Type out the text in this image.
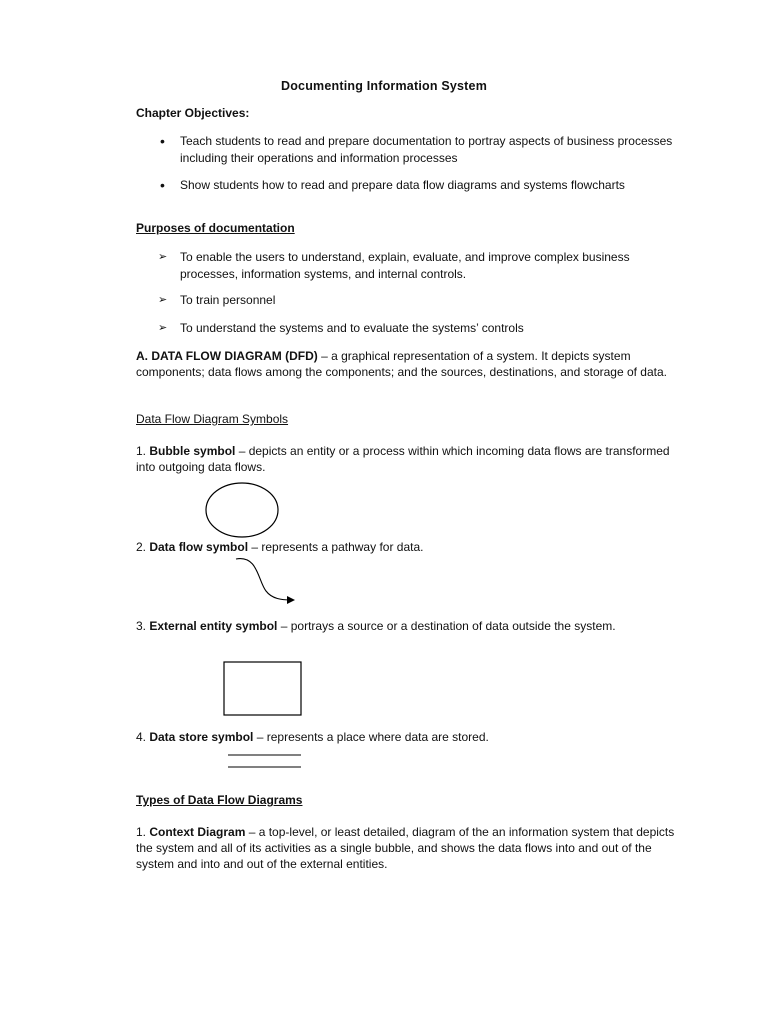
Documenting Information System
Chapter Objectives:
• Teach students to read and prepare documentation to portray aspects of business processes including their operations and information processes
• Show students how to read and prepare data flow diagrams and systems flowcharts
Purposes of documentation
➢ To enable the users to understand, explain, evaluate, and improve complex business processes, information systems, and internal controls.
➢ To train personnel
➢ To understand the systems and to evaluate the systems’ controls
A. DATA FLOW DIAGRAM (DFD) – a graphical representation of a system. It depicts system components; data flows among the components; and the sources, destinations, and storage of data.
Data Flow Diagram Symbols
1. Bubble symbol – depicts an entity or a process within which incoming data flows are transformed into outgoing data flows.
2. Data flow symbol – represents a pathway for data.
3. External entity symbol – portrays a source or a destination of data outside the system.
4. Data store symbol – represents a place where data are stored.
Types of Data Flow Diagrams
1. Context Diagram – a top-level, or least detailed, diagram of the an information system that depicts the system and all of its activities as a single bubble, and shows the data flows into and out of the system and into and out of the external entities.
